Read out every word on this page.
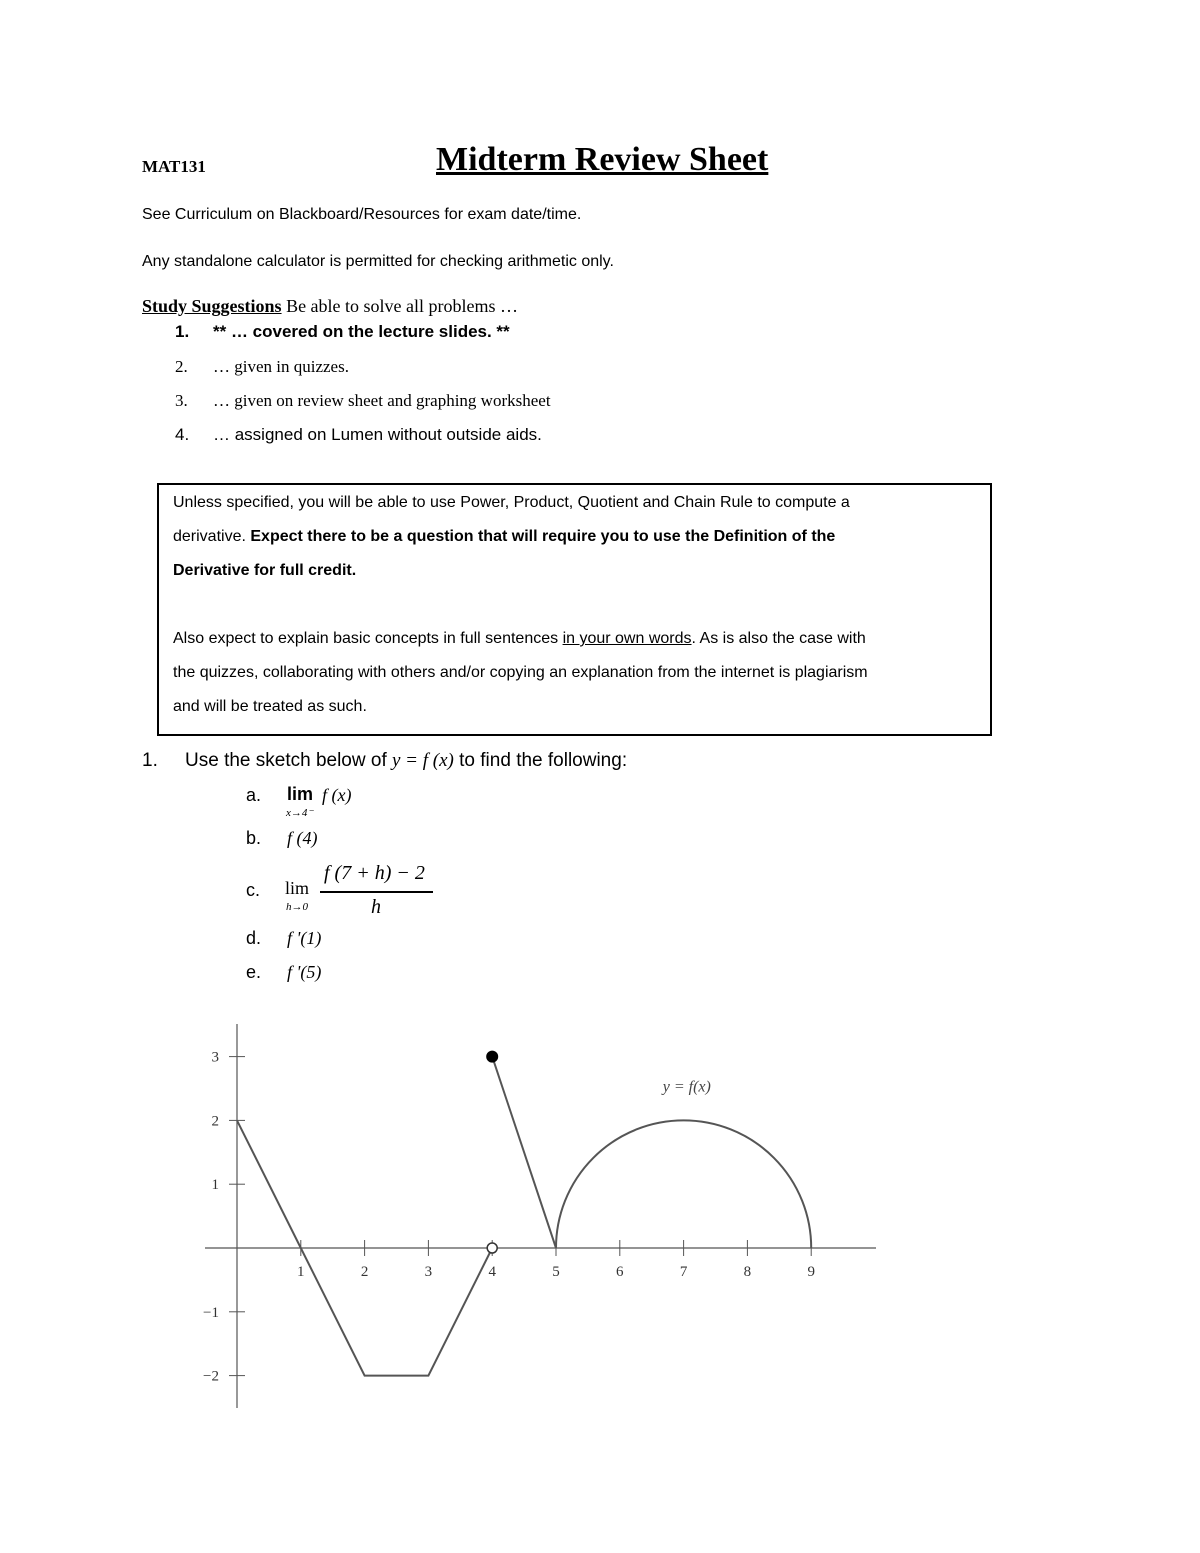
MAT131	Midterm Review Sheet
See Curriculum on Blackboard/Resources for exam date/time.
Any standalone calculator is permitted for checking arithmetic only.
Study Suggestions Be able to solve all problems …
1. ** … covered on the lecture slides. **
2. … given in quizzes.
3. … given on review sheet and graphing worksheet
4. … assigned on Lumen without outside aids.
Unless specified, you will be able to use Power, Product, Quotient and Chain Rule to compute a
derivative. Expect there to be a question that will require you to use the Definition of the
Derivative for full credit.
Also expect to explain basic concepts in full sentences in your own words. As is also the case with
the quizzes, collaborating with others and/or copying an explanation from the internet is plagiarism
and will be treated as such.
1. Use the sketch below of y = f (x) to find the following:
a.	lim
x→4⁻
f (x)
b.	f (4)
c.	lim
h→0
f (7 + h) − 2
h
d.	f '(1)
e.	f '(5)
1	2	3	4	5	6	7	8	9
3
2
1
−1
−2
y = f(x)
